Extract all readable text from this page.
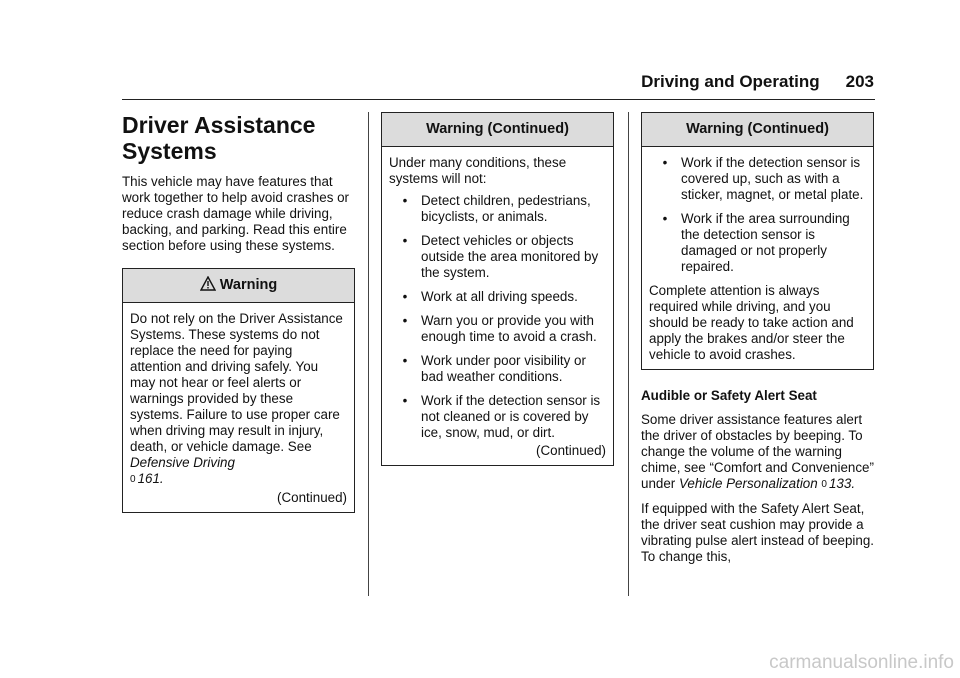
Driving and Operating 203
Driver Assistance Systems

This vehicle may have features that work together to help avoid crashes or reduce crash damage while driving, backing, and parking. Read this entire section before using these systems.

Warning

Do not rely on the Driver Assistance Systems. These systems do not replace the need for paying attention and driving safely. You may not hear or feel alerts or warnings provided by these systems. Failure to use proper care when driving may result in injury, death, or vehicle damage. See Defensive Driving
0 161.

(Continued)
Warning (Continued)

Under many conditions, these systems will not:

•	Detect children, pedestrians, bicyclists, or animals.
•	Detect vehicles or objects outside the area monitored by the system.
•	Work at all driving speeds.
•	Warn you or provide you with enough time to avoid a crash.
•	Work under poor visibility or bad weather conditions.
•	Work if the detection sensor is not cleaned or is covered by ice, snow, mud, or dirt.
(Continued)
Warning (Continued)
•	Work if the detection sensor is covered up, such as with a sticker, magnet, or metal plate.
•	Work if the area surrounding the detection sensor is damaged or not properly repaired.

Complete attention is always required while driving, and you should be ready to take action and apply the brakes and/or steer the vehicle to avoid crashes.

Audible or Safety Alert Seat

Some driver assistance features alert the driver of obstacles by beeping. To change the volume of the warning chime, see “Comfort and Convenience” under Vehicle Personalization 0 133.

If equipped with the Safety Alert Seat, the driver seat cushion may provide a vibrating pulse alert instead of beeping. To change this,

carmanualsonline.info
